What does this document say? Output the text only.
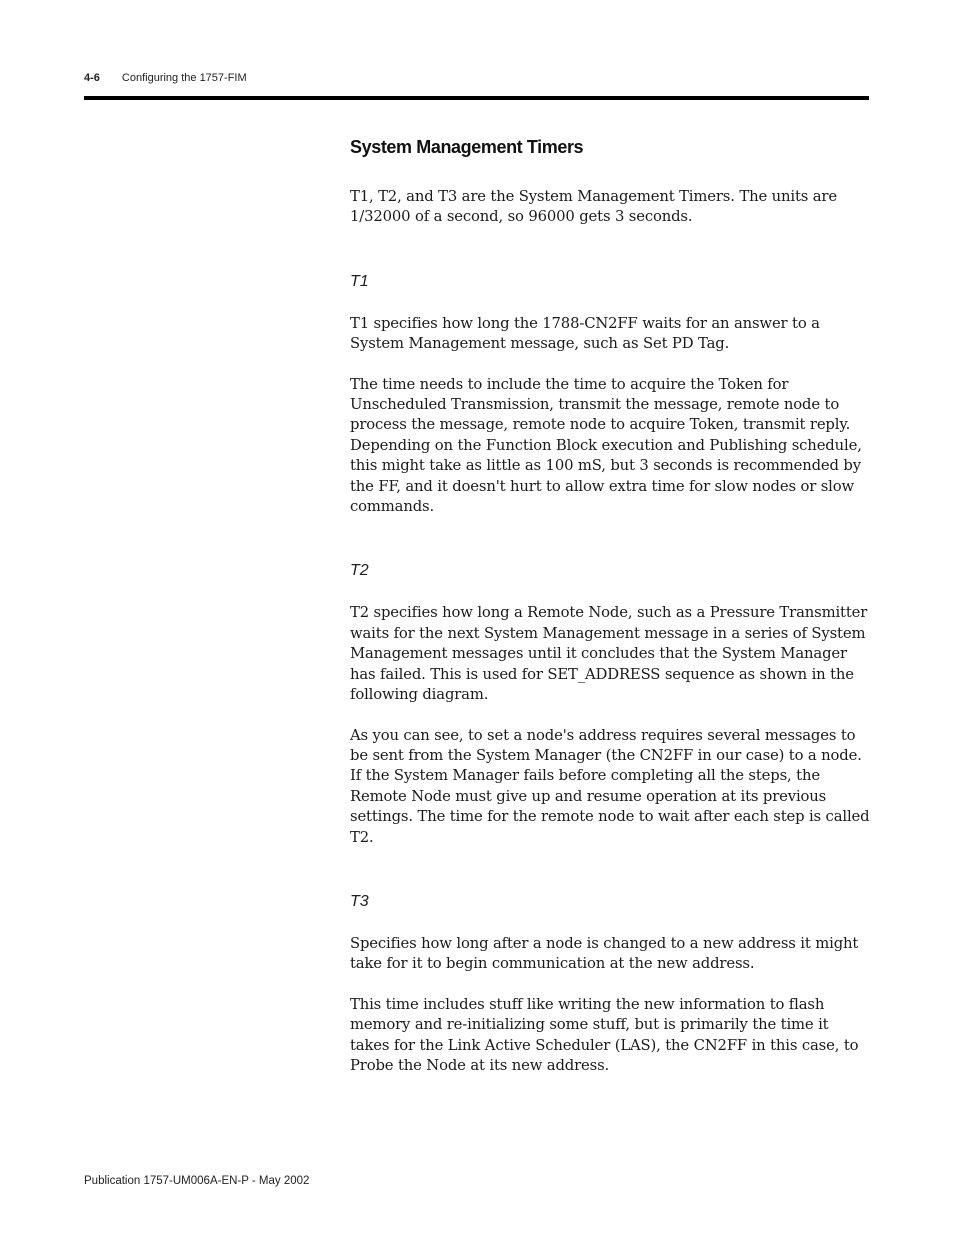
4-6 Configuring the 1757-FIM
System Management Timers

T1, T2, and T3 are the System Management Timers. The units are 1/32000 of a second, so 96000 gets 3 seconds.

T1

T1 specifies how long the 1788-CN2FF waits for an answer to a System Management message, such as Set PD Tag.

The time needs to include the time to acquire the Token for Unscheduled Transmission, transmit the message, remote node to process the message, remote node to acquire Token, transmit reply. Depending on the Function Block execution and Publishing schedule, this might take as little as 100 mS, but 3 seconds is recommended by the FF, and it doesn't hurt to allow extra time for slow nodes or slow commands.

T2

T2 specifies how long a Remote Node, such as a Pressure Transmitter waits for the next System Management message in a series of System Management messages until it concludes that the System Manager has failed. This is used for SET_ADDRESS sequence as shown in the following diagram.

As you can see, to set a node's address requires several messages to be sent from the System Manager (the CN2FF in our case) to a node. If the System Manager fails before completing all the steps, the Remote Node must give up and resume operation at its previous settings. The time for the remote node to wait after each step is called T2.

T3

Specifies how long after a node is changed to a new address it might take for it to begin communication at the new address.

This time includes stuff like writing the new information to flash memory and re-initializing some stuff, but is primarily the time it takes for the Link Active Scheduler (LAS), the CN2FF in this case, to Probe the Node at its new address.

Publication 1757-UM006A-EN-P - May 2002
